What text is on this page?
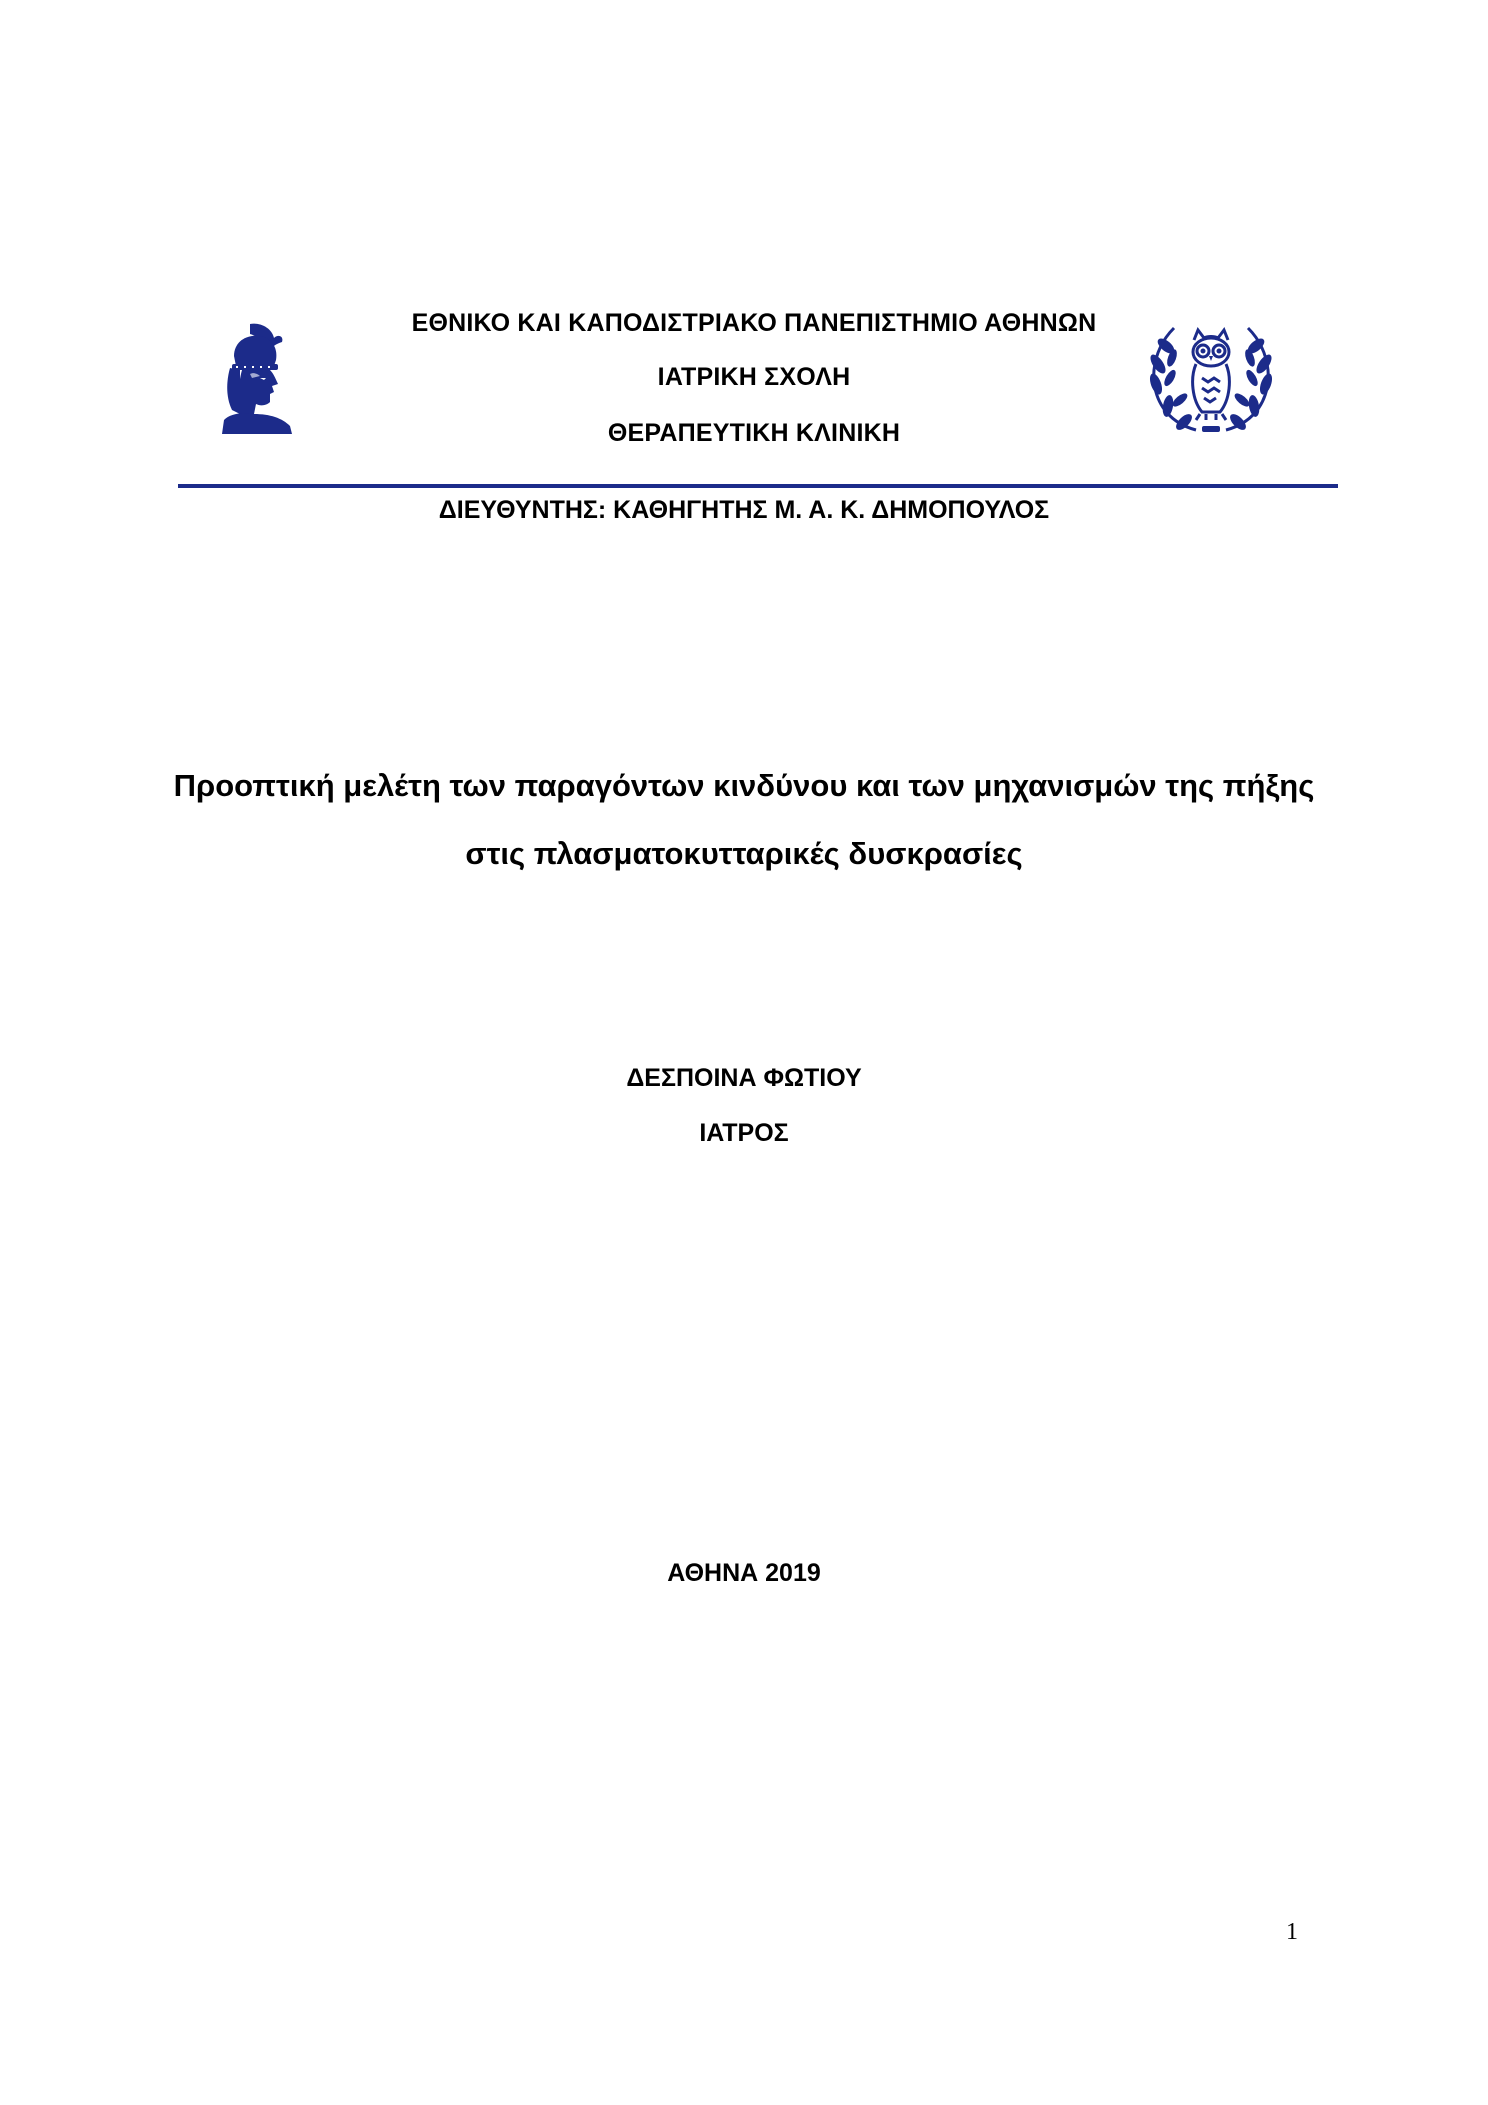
ΕΘΝΙΚΟ ΚΑΙ ΚΑΠΟΔΙΣΤΡΙΑΚΟ ΠΑΝΕΠΙΣΤΗΜΙΟ ΑΘΗΝΩΝ
ΙΑΤΡΙΚΗ ΣΧΟΛΗ
ΘΕΡΑΠΕΥΤΙΚΗ ΚΛΙΝΙΚΗ
ΔΙΕΥΘΥΝΤΗΣ: ΚΑΘΗΓΗΤΗΣ Μ. Α. Κ. ΔΗΜΟΠΟΥΛΟΣ
Προοπτική μελέτη των παραγόντων κινδύνου και των μηχανισμών της πήξης
στις πλασματοκυτταρικές δυσκρασίες
ΔΕΣΠΟΙΝΑ ΦΩΤΙΟΥ
ΙΑΤΡΟΣ
ΑΘΗΝΑ 2019
1
